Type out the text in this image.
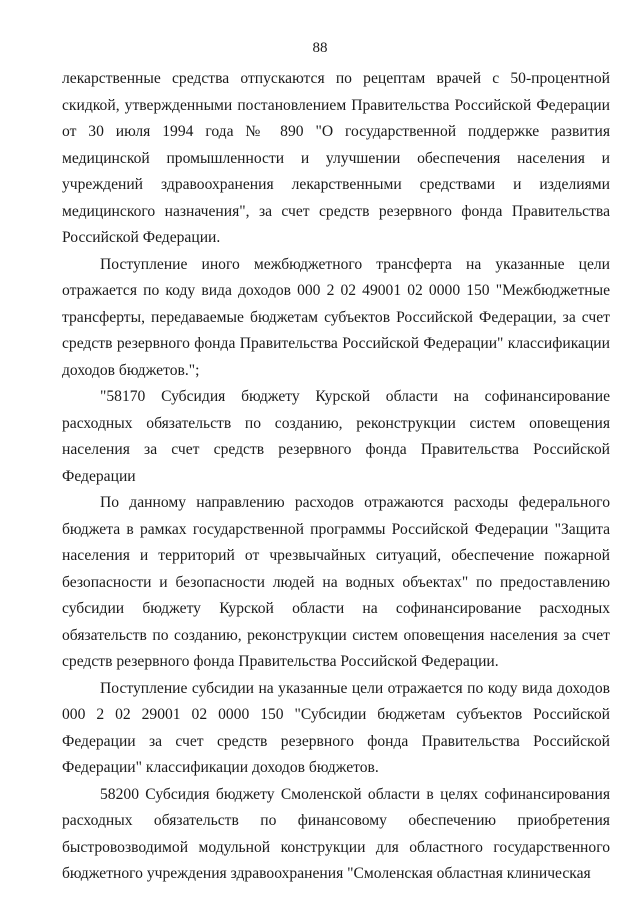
88

лекарственные средства отпускаются по рецептам врачей с 50-процентной скидкой, утвержденными постановлением Правительства Российской Федерации от 30 июля 1994 года № 890 "О государственной поддержке развития медицинской промышленности и улучшении обеспечения населения и учреждений здравоохранения лекарственными средствами и изделиями медицинского назначения", за счет средств резервного фонда Правительства Российской Федерации.

Поступление иного межбюджетного трансферта на указанные цели отражается по коду вида доходов 000 2 02 49001 02 0000 150 "Межбюджетные трансферты, передаваемые бюджетам субъектов Российской Федерации, за счет средств резервного фонда Правительства Российской Федерации" классификации доходов бюджетов.";

"58170 Субсидия бюджету Курской области на софинансирование расходных обязательств по созданию, реконструкции систем оповещения населения за счет средств резервного фонда Правительства Российской Федерации

По данному направлению расходов отражаются расходы федерального бюджета в рамках государственной программы Российской Федерации "Защита населения и территорий от чрезвычайных ситуаций, обеспечение пожарной безопасности и безопасности людей на водных объектах" по предоставлению субсидии бюджету Курской области на софинансирование расходных обязательств по созданию, реконструкции систем оповещения населения за счет средств резервного фонда Правительства Российской Федерации.

Поступление субсидии на указанные цели отражается по коду вида доходов 000 2 02 29001 02 0000 150 "Субсидии бюджетам субъектов Российской Федерации за счет средств резервного фонда Правительства Российской Федерации" классификации доходов бюджетов.

58200 Субсидия бюджету Смоленской области в целях софинансирования расходных обязательств по финансовому обеспечению приобретения быстровозводимой модульной конструкции для областного государственного бюджетного учреждения здравоохранения "Смоленская областная клиническая
